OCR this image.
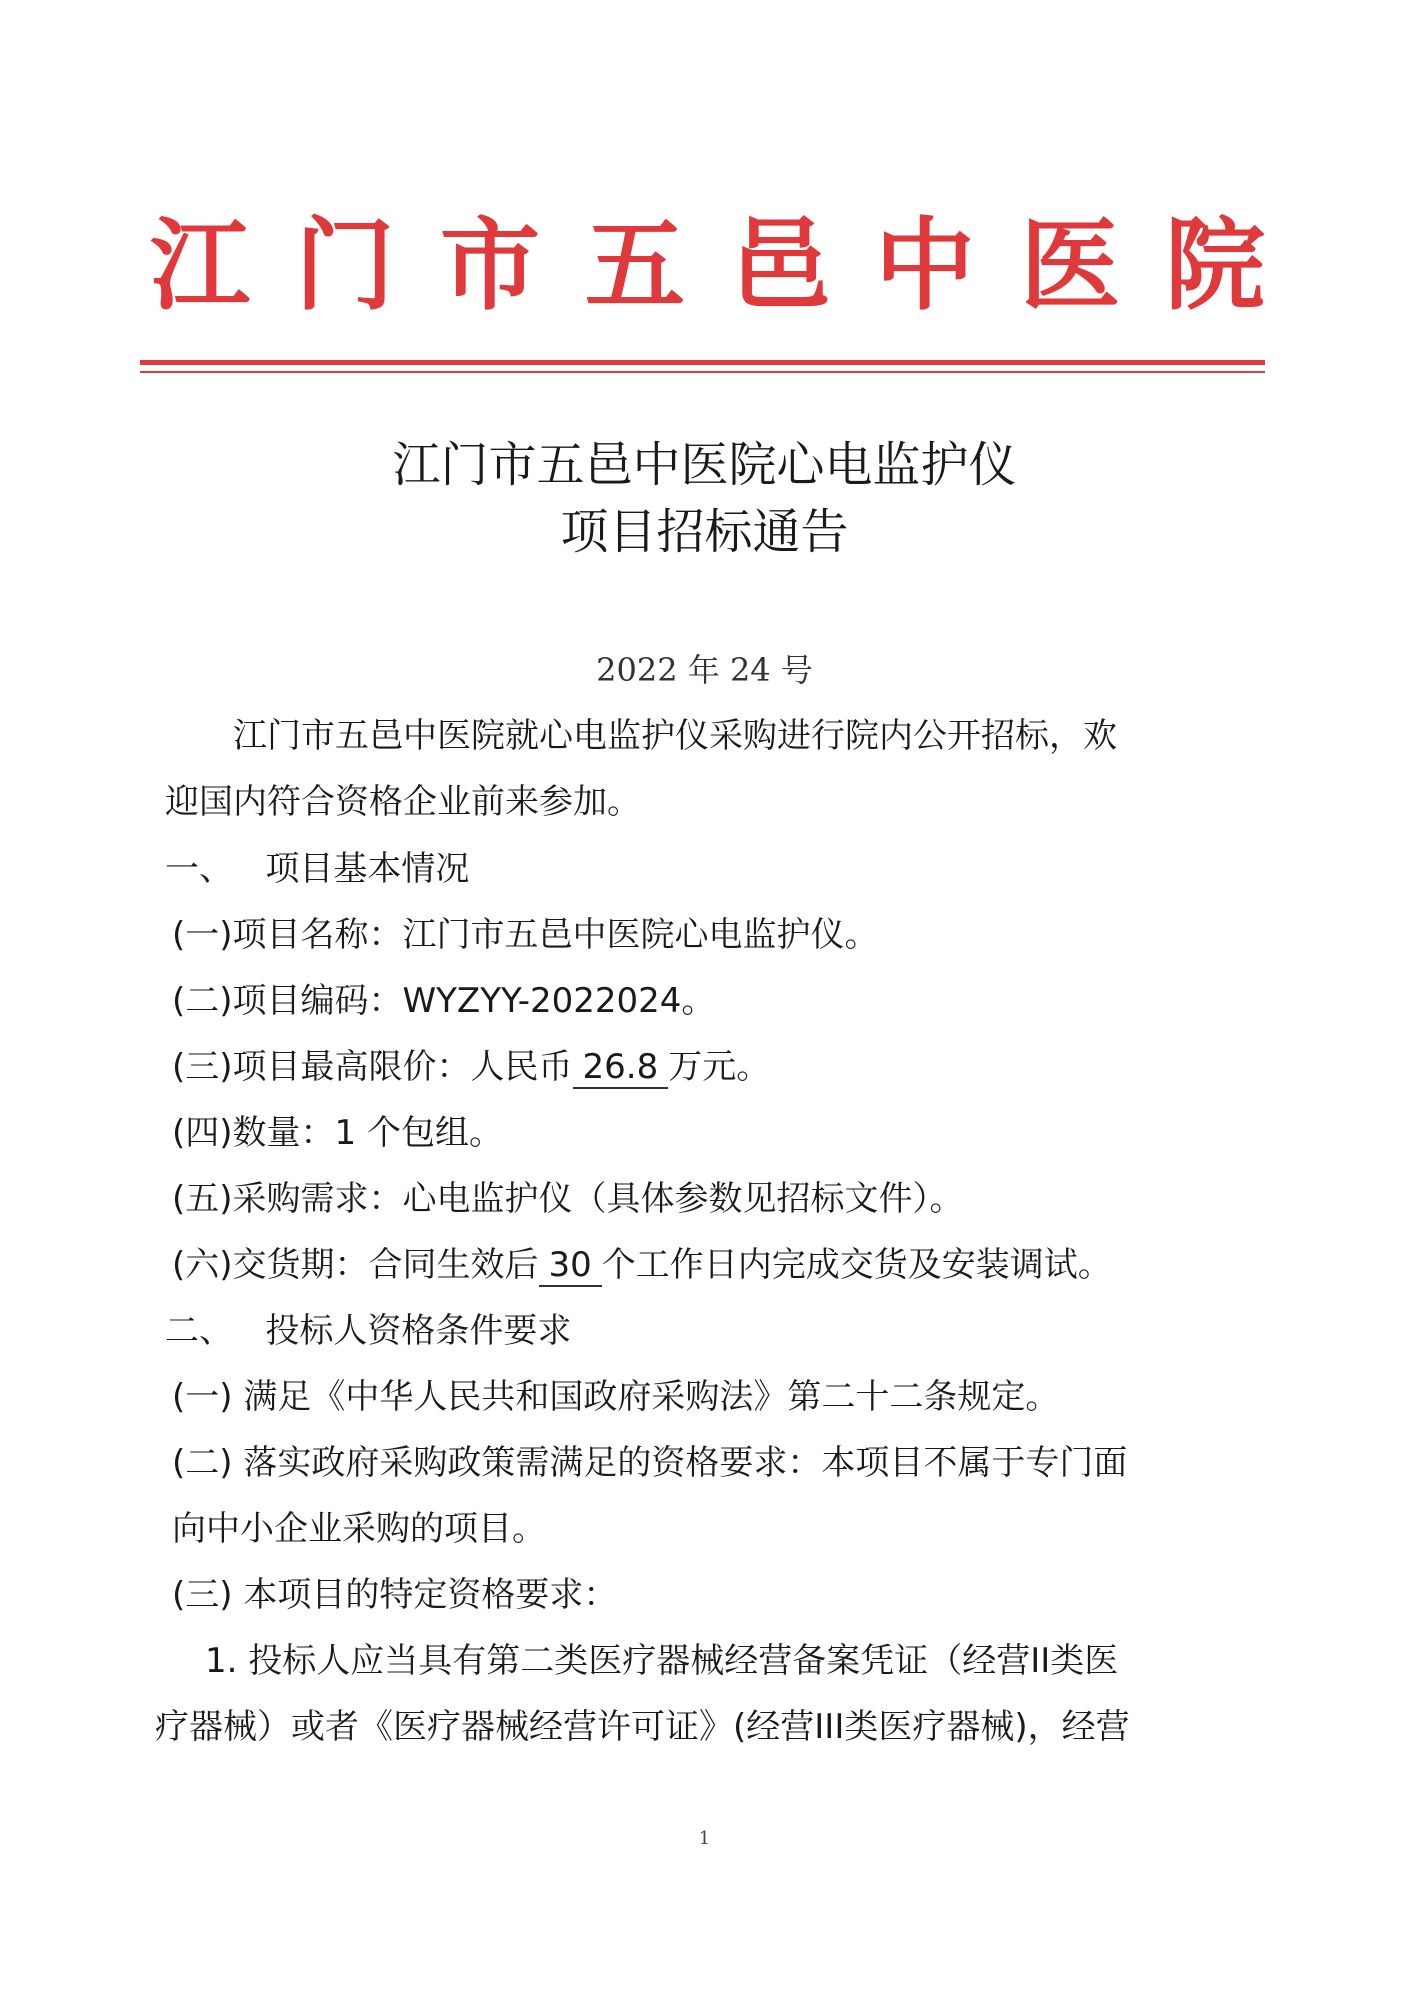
江 门 市 五 邑 中 医 院
江门市五邑中医院心电监护仪
项目招标通告
2022 年 24 号
江门市五邑中医院就心电监护仪采购进行院内公开招标，欢
迎国内符合资格企业前来参加。
一、   项目基本情况
(一)项目名称：江门市五邑中医院心电监护仪。
(二)项目编码：WYZYY-2022024。
(三)项目最高限价：人民币 26.8 万元。
(四)数量：1 个包组。
(五)采购需求：心电监护仪（具体参数见招标文件）。
(六)交货期：合同生效后 30 个工作日内完成交货及安装调试。
二、   投标人资格条件要求
(一) 满足《中华人民共和国政府采购法》第二十二条规定。
(二) 落实政府采购政策需满足的资格要求：本项目不属于专门面
向中小企业采购的项目。
(三) 本项目的特定资格要求：
1. 投标人应当具有第二类医疗器械经营备案凭证（经营II类医
疗器械）或者《医疗器械经营许可证》(经营III类医疗器械)，经营
1
